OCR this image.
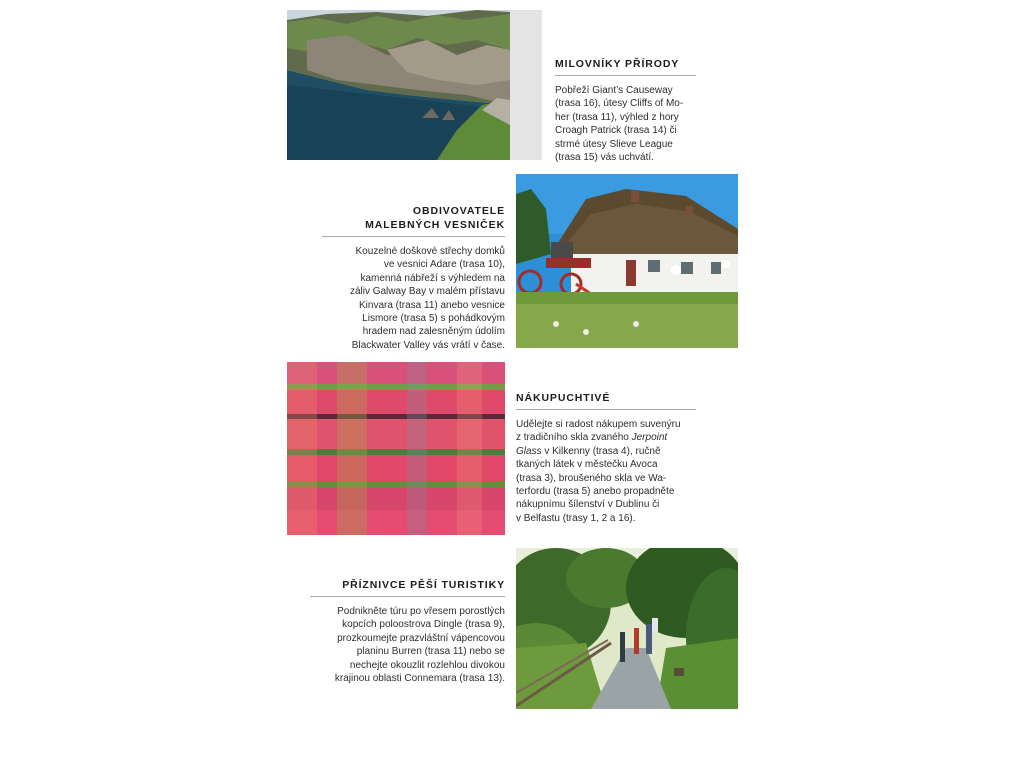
MILOVNÍKY PŘÍRODY
Pobřeží Giant’s Causeway
(trasa 16), útesy Cliffs of Mo-
her (trasa 11), výhled z hory
Croagh Patrick (trasa 14) či
strmé útesy Slieve League
(trasa 15) vás uchvátí.
OBDIVOVATELE
MALEBNÝCH VESNIČEK
Kouzelné doškové střechy domků
ve vesnici Adare (trasa 10),
kamenná nábřeží s výhledem na
záliv Galway Bay v malém přístavu
Kinvara (trasa 11) anebo vesnice
Lismore (trasa 5) s pohádkovým
hradem nad zalesněným údolím
Blackwater Valley vás vrátí v čase.
NÁKUPUCHTIVÉ
Udělejte si radost nákupem suvenýru
z tradičního skla zvaného Jerpoint
Glass v Kilkenny (trasa 4), ručně
tkaných látek v městečku Avoca
(trasa 3), broušeného skla ve Wa-
terfordu (trasa 5) anebo propadněte
nákupnímu šílenství v Dublinu či
v Belfastu (trasy 1, 2 a 16).
PŘÍZNIVCE PĚŠÍ TURISTIKY
Podnikněte túru po vřesem porostlých
kopcích poloostrova Dingle (trasa 9),
prozkoumejte prazvláštní vápencovou
planinu Burren (trasa 11) nebo se
nechejte okouzlit rozlehlou divokou
krajinou oblasti Connemara (trasa 13).
